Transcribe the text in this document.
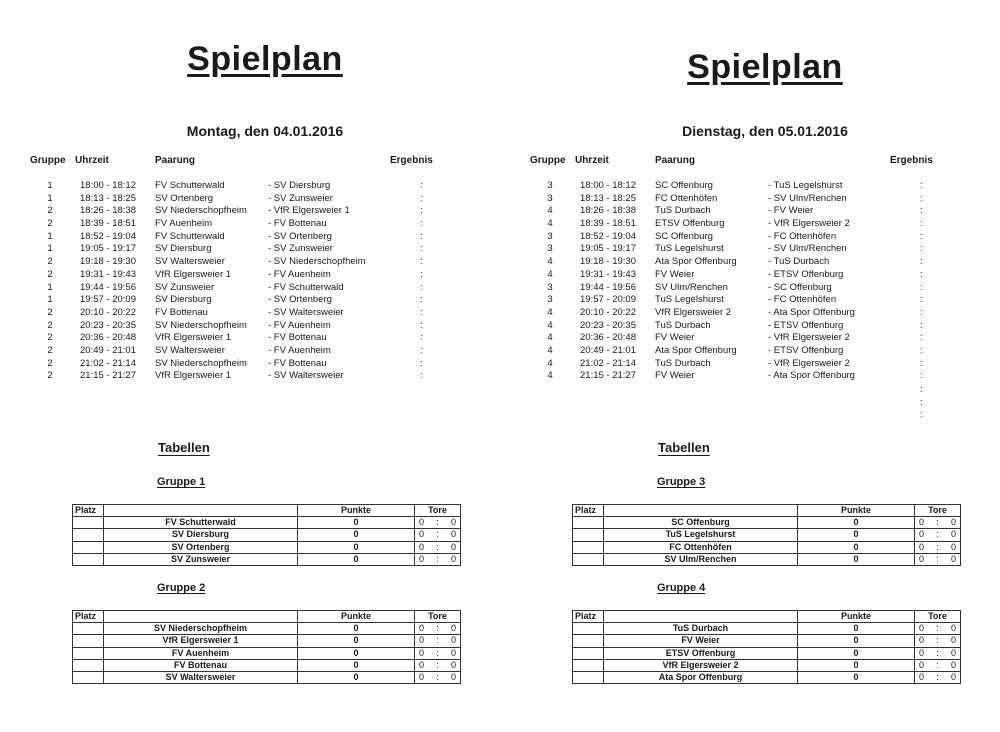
Spielplan
Montag, den 04.01.2016
Gruppe Uhrzeit	Paarung	Ergebnis
1	18:00 - 18:12 FV Schutterwald	- SV Diersburg	:
1	18:13 - 18:25 SV Ortenberg	- SV Zunsweier	:
2	18:26 - 18:38 SV Niederschopfheim - VfR Elgersweier 1	:
2	18:39 - 18:51 FV Auenheim	- FV Bottenau	:
1	18:52 - 19:04 FV Schutterwald	- SV Ortenberg	:
1	19:05 - 19:17 SV Diersburg	- SV Zunsweier	:
2	19:18 - 19:30 SV Waltersweier	- SV Niederschopfheim	:
2	19:31 - 19:43 VfR Elgersweier 1	- FV Auenheim	:
1	19:44 - 19:56 SV Zunsweier	- FV Schutterwald	:
1	19:57 - 20:09 SV Diersburg	- SV Ortenberg	:
2	20:10 - 20:22 FV Bottenau	- SV Waltersweier	:
2	20:23 - 20:35 SV Niederschopfheim - FV Auenheim	:
2	20:36 - 20:48 VfR Elgersweier 1	- FV Bottenau	:
2	20:49 - 21:01 SV Waltersweier	- FV Auenheim	:
2	21:02 - 21:14 SV Niederschopfheim - FV Bottenau	:
2	21:15 - 21:27 VfR Elgersweier 1	- SV Waltersweier	:
Tabellen
Gruppe 1
Platz		Punkte	Tore
	FV Schutterwald	0	0 : 0

	SV Diersburg	0	0 : 0

	SV Ortenberg	0	0 : 0

	SV Zunsweier	0	0 : 0
Gruppe 2
Platz		Punkte	Tore
	SV Niederschopfheim	0	0 : 0

	VfR Elgersweier 1	0	0 : 0

	FV Auenheim	0	0 : 0

	FV Bottenau	0	0 : 0

	SV Waltersweier	0	0 : 0
Spielplan
Dienstag, den 05.01.2016
Gruppe Uhrzeit	Paarung	Ergebnis
3	18:00 - 18:12 SC Offenburg	- TuS Legelshurst	:
3	18:13 - 18:25 FC Ottenhöfen	- SV Ulm/Renchen	:
4	18:26 - 18:38 TuS Durbach	- FV Weier	:
4	18:39 - 18:51 ETSV Offenburg	- VfR Elgersweier 2	:
3	18:52 - 19:04 SC Offenburg	- FC Ottenhöfen	:
3	19:05 - 19:17 TuS Legelshurst	- SV Ulm/Renchen	:
4	19:18 - 19:30 Ata Spor Offenburg	- TuS Durbach	:
4	19:31 - 19:43 FV Weier	- ETSV Offenburg	:
3	19:44 - 19:56 SV Ulm/Renchen	- SC Offenburg	:
3	19:57 - 20:09 TuS Legelshurst	- FC Ottenhöfen	:
4	20:10 - 20:22 VfR Elgersweier 2	- Ata Spor Offenburg	:
4	20:23 - 20:35 TuS Durbach	- ETSV Offenburg	:
4	20:36 - 20:48 FV Weier	- VfR Elgersweier 2	:
4	20:49 - 21:01 Ata Spor Offenburg	- ETSV Offenburg	:
4	21:02 - 21:14 TuS Durbach	- VfR Elgersweier 2	:
4	21:15 - 21:27 FV Weier	- Ata Spor Offenburg	:
:
:
:
Tabellen
Gruppe 3
Platz		Punkte	Tore
	SC Offenburg	0	0 : 0

	TuS Legelshurst	0	0 : 0

	FC Ottenhöfen	0	0 : 0

	SV Ulm/Renchen	0	0 : 0
Gruppe 4
Platz		Punkte	Tore
	TuS Durbach	0	0 : 0

	FV Weier	0	0 : 0

	ETSV Offenburg	0	0 : 0

	VfR Elgersweier 2	0	0 : 0

	Ata Spor Offenburg	0	0 : 0
